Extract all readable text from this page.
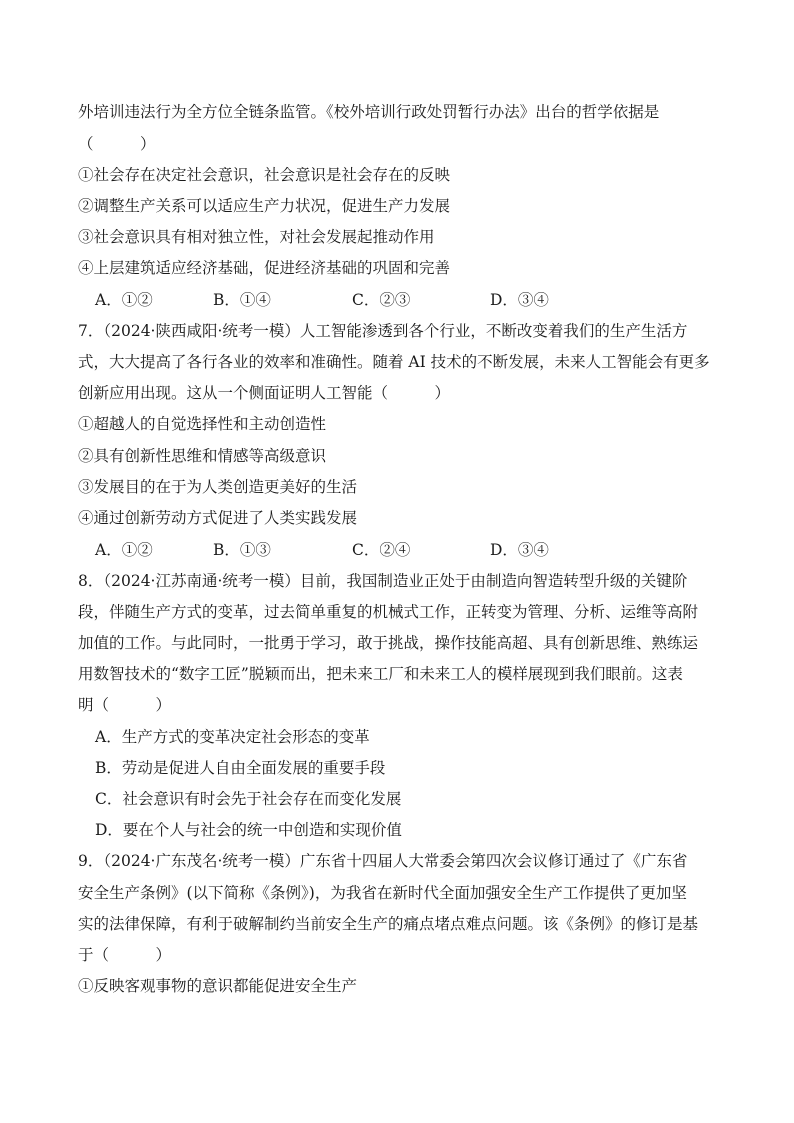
外培训违法行为全方位全链条监管。《校外培训行政处罚暂行办法》出台的哲学依据是
（　　　）
①社会存在决定社会意识，社会意识是社会存在的反映
②调整生产关系可以适应生产力状况，促进生产力发展
③社会意识具有相对独立性，对社会发展起推动作用
④上层建筑适应经济基础，促进经济基础的巩固和完善
A．①②	B．①④	C．②③	D．③④
7．（2024·陕西咸阳·统考一模）人工智能渗透到各个行业，不断改变着我们的生产生活方
式，大大提高了各行各业的效率和准确性。随着 AI 技术的不断发展，未来人工智能会有更多
创新应用出现。这从一个侧面证明人工智能（　　　）
①超越人的自觉选择性和主动创造性
②具有创新性思维和情感等高级意识
③发展目的在于为人类创造更美好的生活
④通过创新劳动方式促进了人类实践发展
A．①②	B．①③	C．②④	D．③④
8．（2024·江苏南通·统考一模）目前，我国制造业正处于由制造向智造转型升级的关键阶
段，伴随生产方式的变革，过去简单重复的机械式工作，正转变为管理、分析、运维等高附
加值的工作。与此同时，一批勇于学习，敢于挑战，操作技能高超、具有创新思维、熟练运
用数智技术的“数字工匠”脱颖而出，把未来工厂和未来工人的模样展现到我们眼前。这表
明（　　　）
A．生产方式的变革决定社会形态的变革
B．劳动是促进人自由全面发展的重要手段
C．社会意识有时会先于社会存在而变化发展
D．要在个人与社会的统一中创造和实现价值
9．（2024·广东茂名·统考一模）广东省十四届人大常委会第四次会议修订通过了《广东省
安全生产条例》(以下简称《条例》)，为我省在新时代全面加强安全生产工作提供了更加坚
实的法律保障，有利于破解制约当前安全生产的痛点堵点难点问题。该《条例》的修订是基
于（　　　）
①反映客观事物的意识都能促进安全生产
